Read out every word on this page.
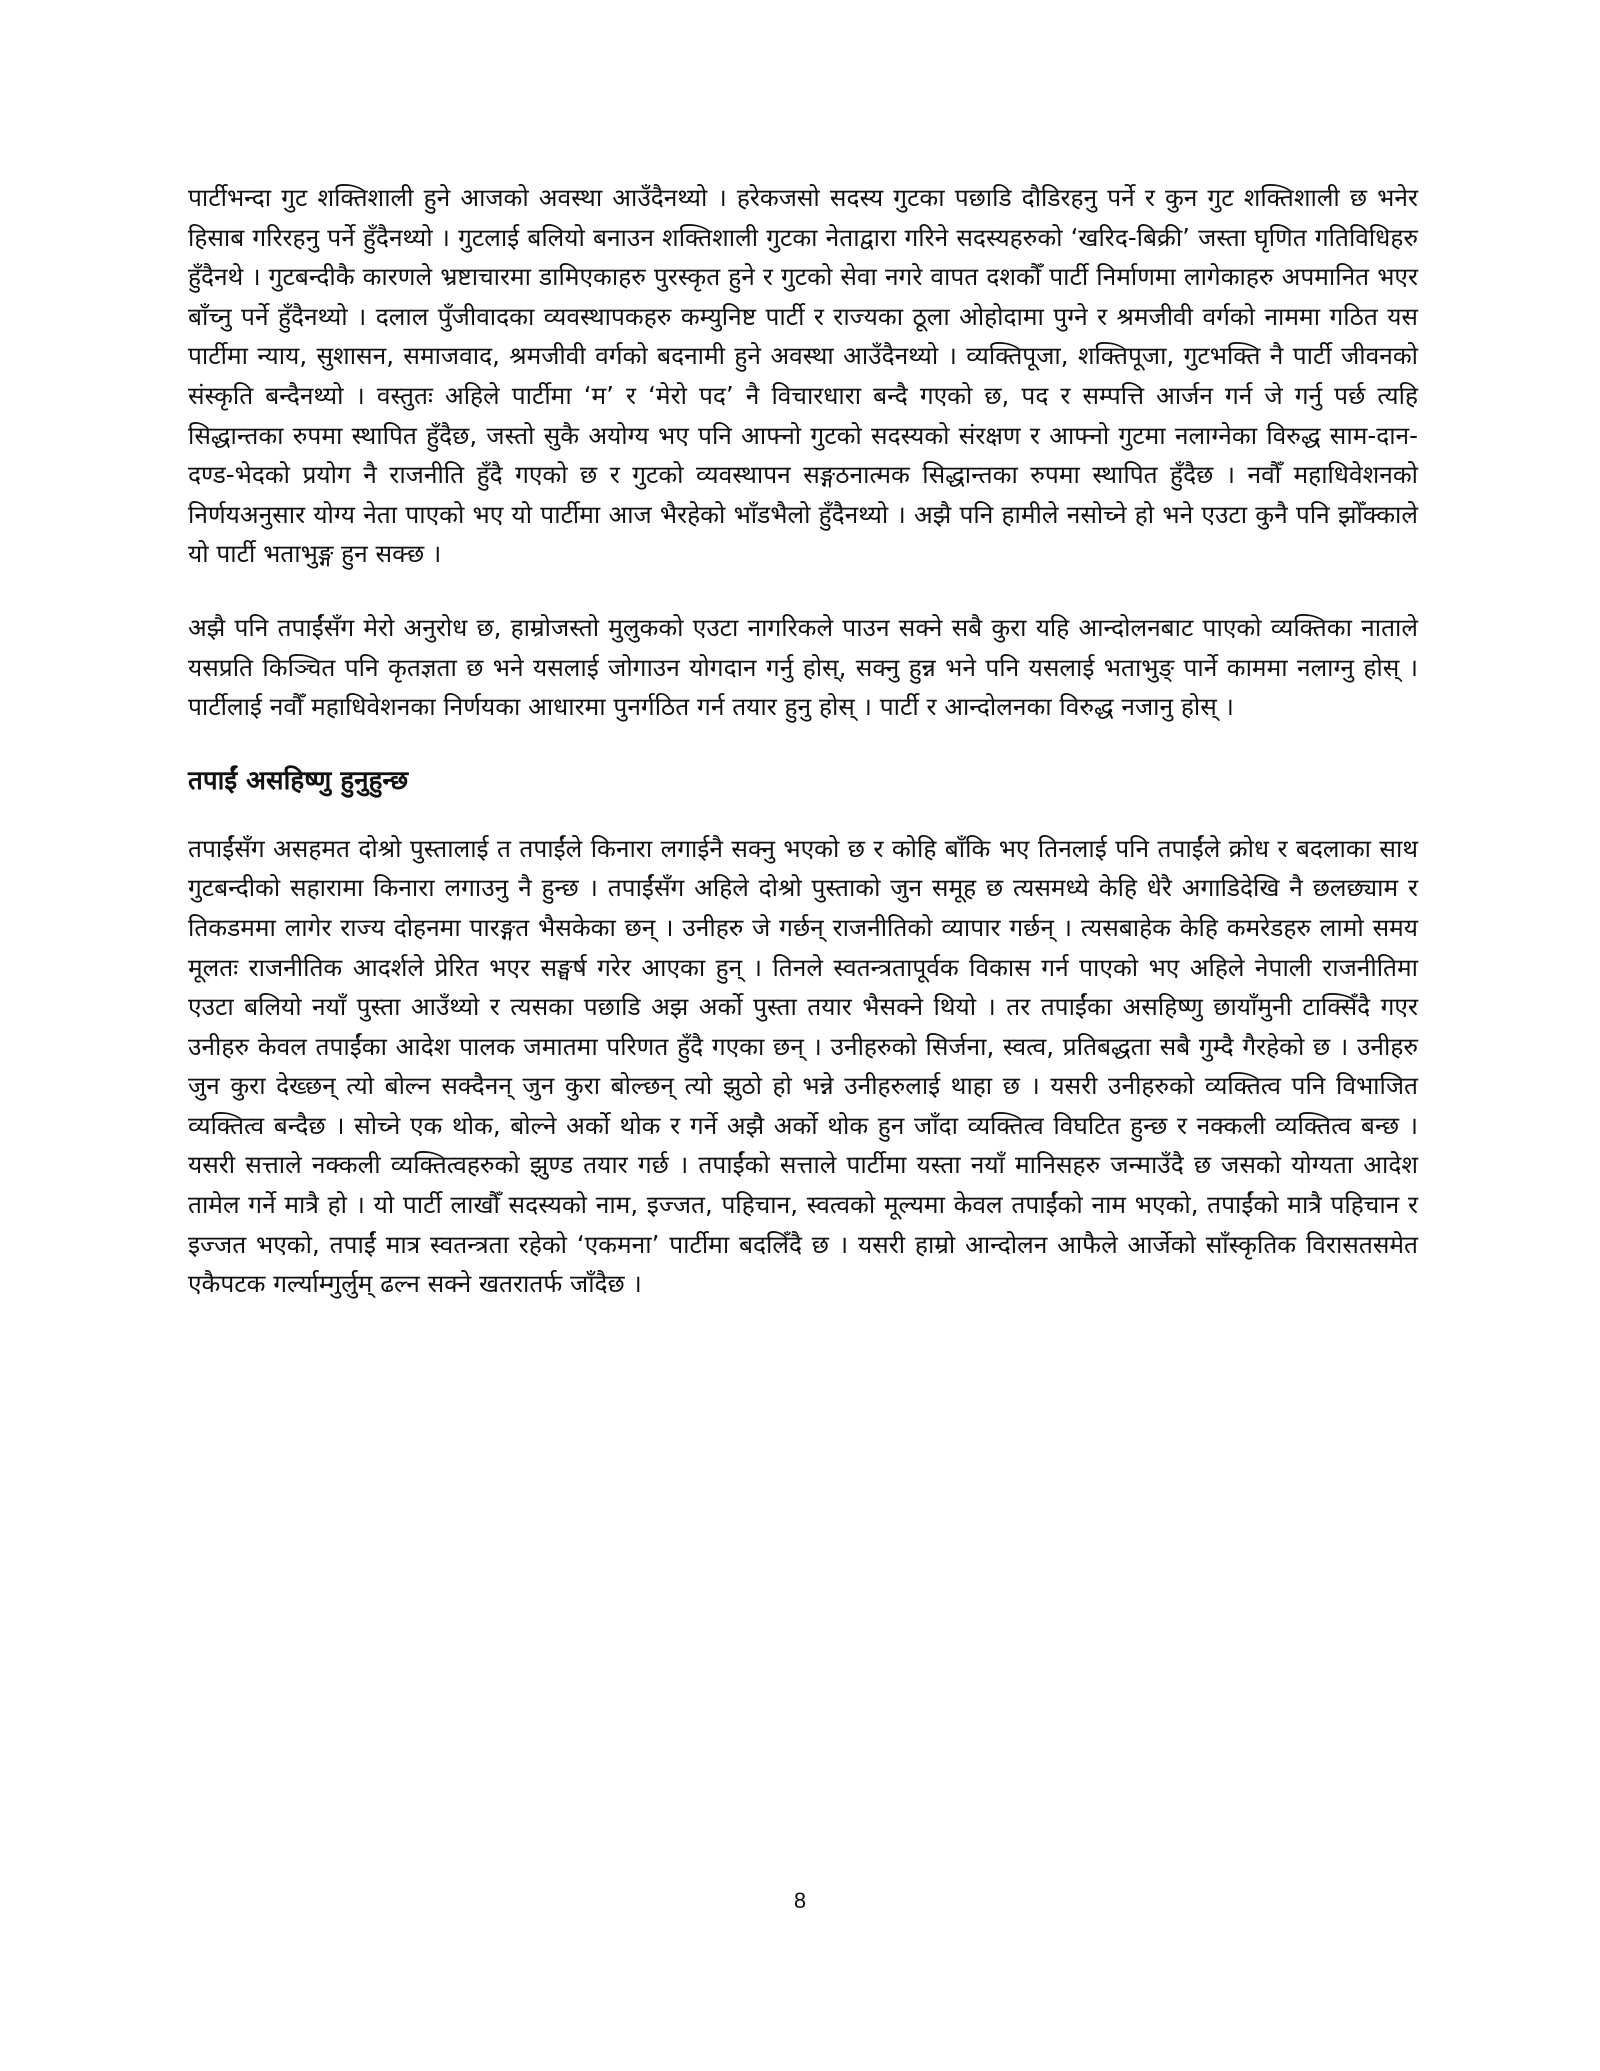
पार्टीभन्दा गुट शक्तिशाली हुने आजको अवस्था आउँदैनथ्यो । हरेकजसो सदस्य गुटका पछाडि दौडिरहनु पर्ने र कुन गुट शक्तिशाली छ भनेर हिसाब गरिरहनु पर्ने हुँदैनथ्यो । गुटलाई बलियो बनाउन शक्तिशाली गुटका नेताद्वारा गरिने सदस्यहरुको ‘खरिद-बिक्री’ जस्ता घृणित गतिविधिहरु हुँदैनथे । गुटबन्दीकै कारणले भ्रष्टाचारमा डामिएकाहरु पुरस्कृत हुने र गुटको सेवा नगरे वापत दशकौँ पार्टी निर्माणमा लागेकाहरु अपमानित भएर बाँच्नु पर्ने हुँदैनथ्यो । दलाल पुँजीवादका व्यवस्थापकहरु कम्युनिष्ट पार्टी र राज्यका ठूला ओहोदामा पुग्ने र श्रमजीवी वर्गको नाममा गठित यस पार्टीमा न्याय, सुशासन, समाजवाद, श्रमजीवी वर्गको बदनामी हुने अवस्था आउँदैनथ्यो । व्यक्तिपूजा, शक्तिपूजा, गुटभक्ति नै पार्टी जीवनको संस्कृति बन्दैनथ्यो । वस्तुतः अहिले पार्टीमा ‘म’ र ‘मेरो पद’ नै विचारधारा बन्दै गएको छ, पद र सम्पत्ति आर्जन गर्न जे गर्नु पर्छ त्यहि सिद्धान्तका रुपमा स्थापित हुँदैछ, जस्तो सुकै अयोग्य भए पनि आफ्नो गुटको सदस्यको संरक्षण र आफ्नो गुटमा नलाग्नेका विरुद्ध साम-दान-दण्ड-भेदको प्रयोग नै राजनीति हुँदै गएको छ र गुटको व्यवस्थापन सङ्गठनात्मक सिद्धान्तका रुपमा स्थापित हुँदैछ । नवौँ महाधिवेशनको निर्णयअनुसार योग्य नेता पाएको भए यो पार्टीमा आज भैरहेको भाँडभैलो हुँदैनथ्यो । अझै पनि हामीले नसोच्ने हो भने एउटा कुनै पनि झोँक्काले यो पार्टी भताभुङ्ग हुन सक्छ ।

अझै पनि तपाईंसँग मेरो अनुरोध छ, हाम्रोजस्तो मुलुकको एउटा नागरिकले पाउन सक्ने सबै कुरा यहि आन्दोलनबाट पाएको व्यक्तिका नाताले यसप्रति किञ्चित पनि कृतज्ञता छ भने यसलाई जोगाउन योगदान गर्नु होस्, सक्नु हुन्न भने पनि यसलाई भताभुङ् पार्ने काममा नलाग्नु होस् । पार्टीलाई नवौँ महाधिवेशनका निर्णयका आधारमा पुनर्गठित गर्न तयार हुनु होस् । पार्टी र आन्दोलनका विरुद्ध नजानु होस् ।

तपाईं असहिष्णु हुनुहुन्छ

तपाईंसँग असहमत दोश्रो पुस्तालाई त तपाईंले किनारा लगाईनै सक्नु भएको छ र कोहि बाँकि भए तिनलाई पनि तपाईंले क्रोध र बदलाका साथ गुटबन्दीको सहारामा किनारा लगाउनु नै हुन्छ । तपाईंसँग अहिले दोश्रो पुस्ताको जुन समूह छ त्यसमध्ये केहि धेरै अगाडिदेखि नै छलछ्याम र तिकडममा लागेर राज्य दोहनमा पारङ्गत भैसकेका छन् । उनीहरु जे गर्छन् राजनीतिको व्यापार गर्छन् । त्यसबाहेक केहि कमरेडहरु लामो समय मूलतः राजनीतिक आदर्शले प्रेरित भएर सङ्घर्ष गरेर आएका हुन् । तिनले स्वतन्त्रतापूर्वक विकास गर्न पाएको भए अहिले नेपाली राजनीतिमा एउटा बलियो नयाँ पुस्ता आउँथ्यो र त्यसका पछाडि अझ अर्को पुस्ता तयार भैसक्ने थियो । तर तपाईंका असहिष्णु छायाँमुनी टाक्सिँदै गएर उनीहरु केवल तपाईंका आदेश पालक जमातमा परिणत हुँदै गएका छन् । उनीहरुको सिर्जना, स्वत्व, प्रतिबद्धता सबै गुम्दै गैरहेको छ । उनीहरु जुन कुरा देख्छन् त्यो बोल्न सक्दैनन् जुन कुरा बोल्छन् त्यो झुठो हो भन्ने उनीहरुलाई थाहा छ । यसरी उनीहरुको व्यक्तित्व पनि विभाजित व्यक्तित्व बन्दैछ । सोच्ने एक थोक, बोल्ने अर्को थोक र गर्ने अझै अर्को थोक हुन जाँदा व्यक्तित्व विघटित हुन्छ र नक्कली व्यक्तित्व बन्छ । यसरी सत्ताले नक्कली व्यक्तित्वहरुको झुण्ड तयार गर्छ । तपाईंको सत्ताले पार्टीमा यस्ता नयाँ मानिसहरु जन्माउँदै छ जसको योग्यता आदेश तामेल गर्ने मात्रै हो । यो पार्टी लाखौँ सदस्यको नाम, इज्जत, पहिचान, स्वत्वको मूल्यमा केवल तपाईंको नाम भएको, तपाईंको मात्रै पहिचान र इज्जत भएको, तपाईं मात्र स्वतन्त्रता रहेको ‘एकमना’ पार्टीमा बदलिँदै छ । यसरी हाम्रो आन्दोलन आफैले आर्जेको साँस्कृतिक विरासतसमेत एकैपटक गर्ल्याम्गुर्लुम् ढल्न सक्ने खतरातर्फ जाँदैछ ।

8
